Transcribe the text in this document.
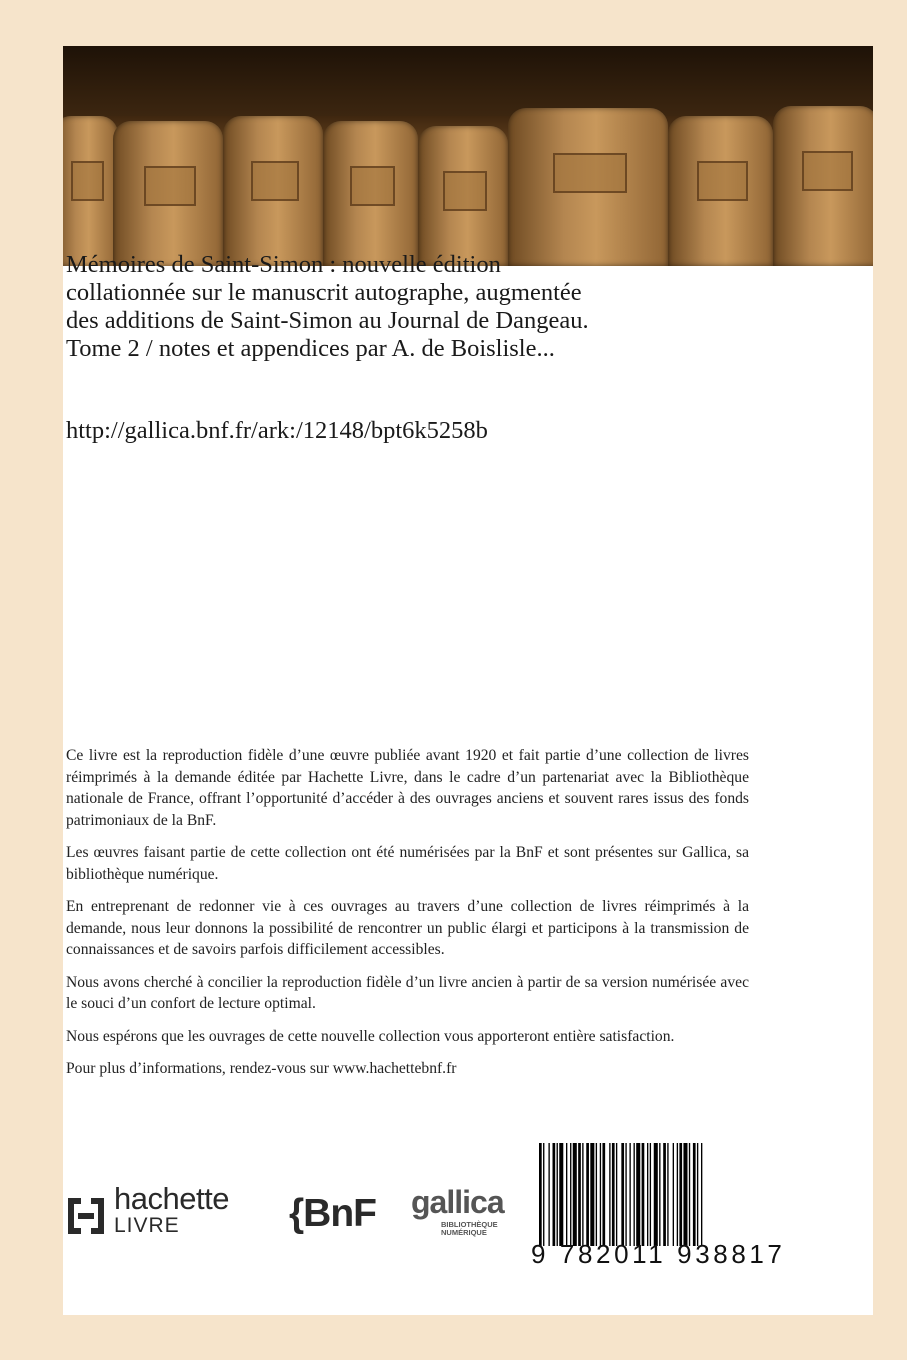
Mémoires de Saint-Simon : nouvelle édition
collationnée sur le manuscrit autographe, augmentée
des additions de Saint-Simon au Journal de Dangeau.
Tome 2 / notes et appendices par A. de Boislisle...
http://gallica.bnf.fr/ark:/12148/bpt6k5258b

Ce livre est la reproduction fidèle d’une œuvre publiée avant 1920 et fait partie d’une collection de livres réimprimés à la demande éditée par Hachette Livre, dans le cadre d’un partenariat avec la Bibliothèque nationale de France, offrant l’opportunité d’accéder à des ouvrages anciens et souvent rares issus des fonds patrimoniaux de la BnF.

Les œuvres faisant partie de cette collection ont été numérisées par la BnF et sont présentes sur Gallica, sa bibliothèque numérique.

En entreprenant de redonner vie à ces ouvrages au travers d’une collection de livres réimprimés à la demande, nous leur donnons la possibilité de rencontrer un public élargi et participons à la transmission de connaissances et de savoirs parfois difficilement accessibles.

Nous avons cherché à concilier la reproduction fidèle d’un livre ancien à partir de sa version numérisée avec le souci d’un confort de lecture optimal.

Nous espérons que les ouvrages de cette nouvelle collection vous apporteront entière satisfaction.

Pour plus d’informations, rendez-vous sur www.hachettebnf.fr

hachette
LIVRE	{BnF gallica
BIBLIOTHÈQUE
NUMÉRIQUE
9 782011 938817
